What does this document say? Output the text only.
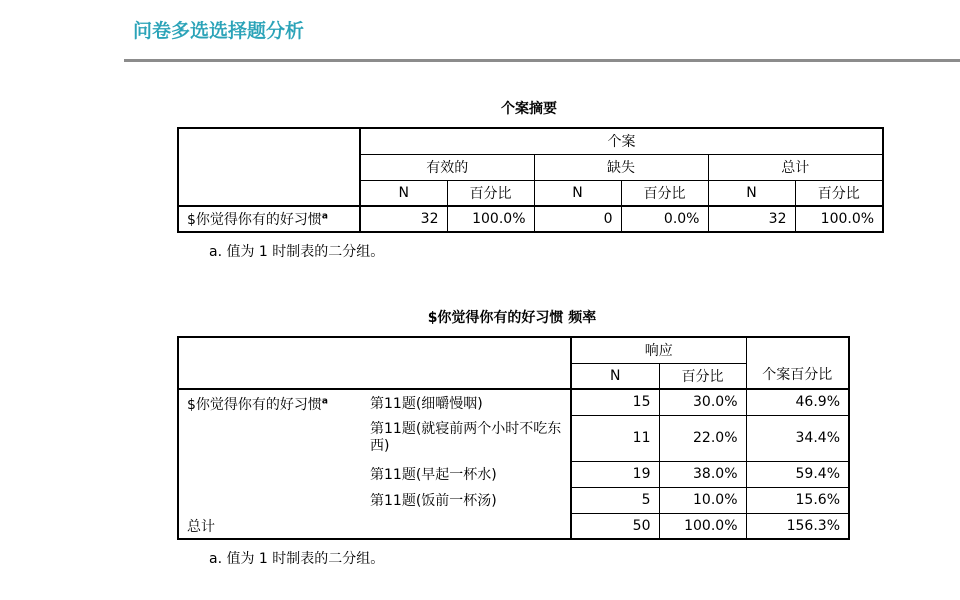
问卷多选选择题分析
个案摘要
	个案					
	有效的		缺失		总计	
	N	百分比	N	百分比	N	百分比
$你觉得你有的好习惯$^a$	32	100.0%	0	0.0%	32	100.0%
a. 值为 1 时制表的二分组。
$你觉得你有的好习惯 频率
		响应		个案百分比
		N	百分比	
$你觉得你有的好习惯$^a$	第11题(细嚼慢咽)	15	30.0%	46.9%
	第11题(就寝前两个小时不吃东西)	11	22.0%	34.4%
	第11题(早起一杯水)	19	38.0%	59.4%
	第11题(饭前一杯汤)	5	10.0%	15.6%
总计		50	100.0%	156.3%
a. 值为 1 时制表的二分组。
